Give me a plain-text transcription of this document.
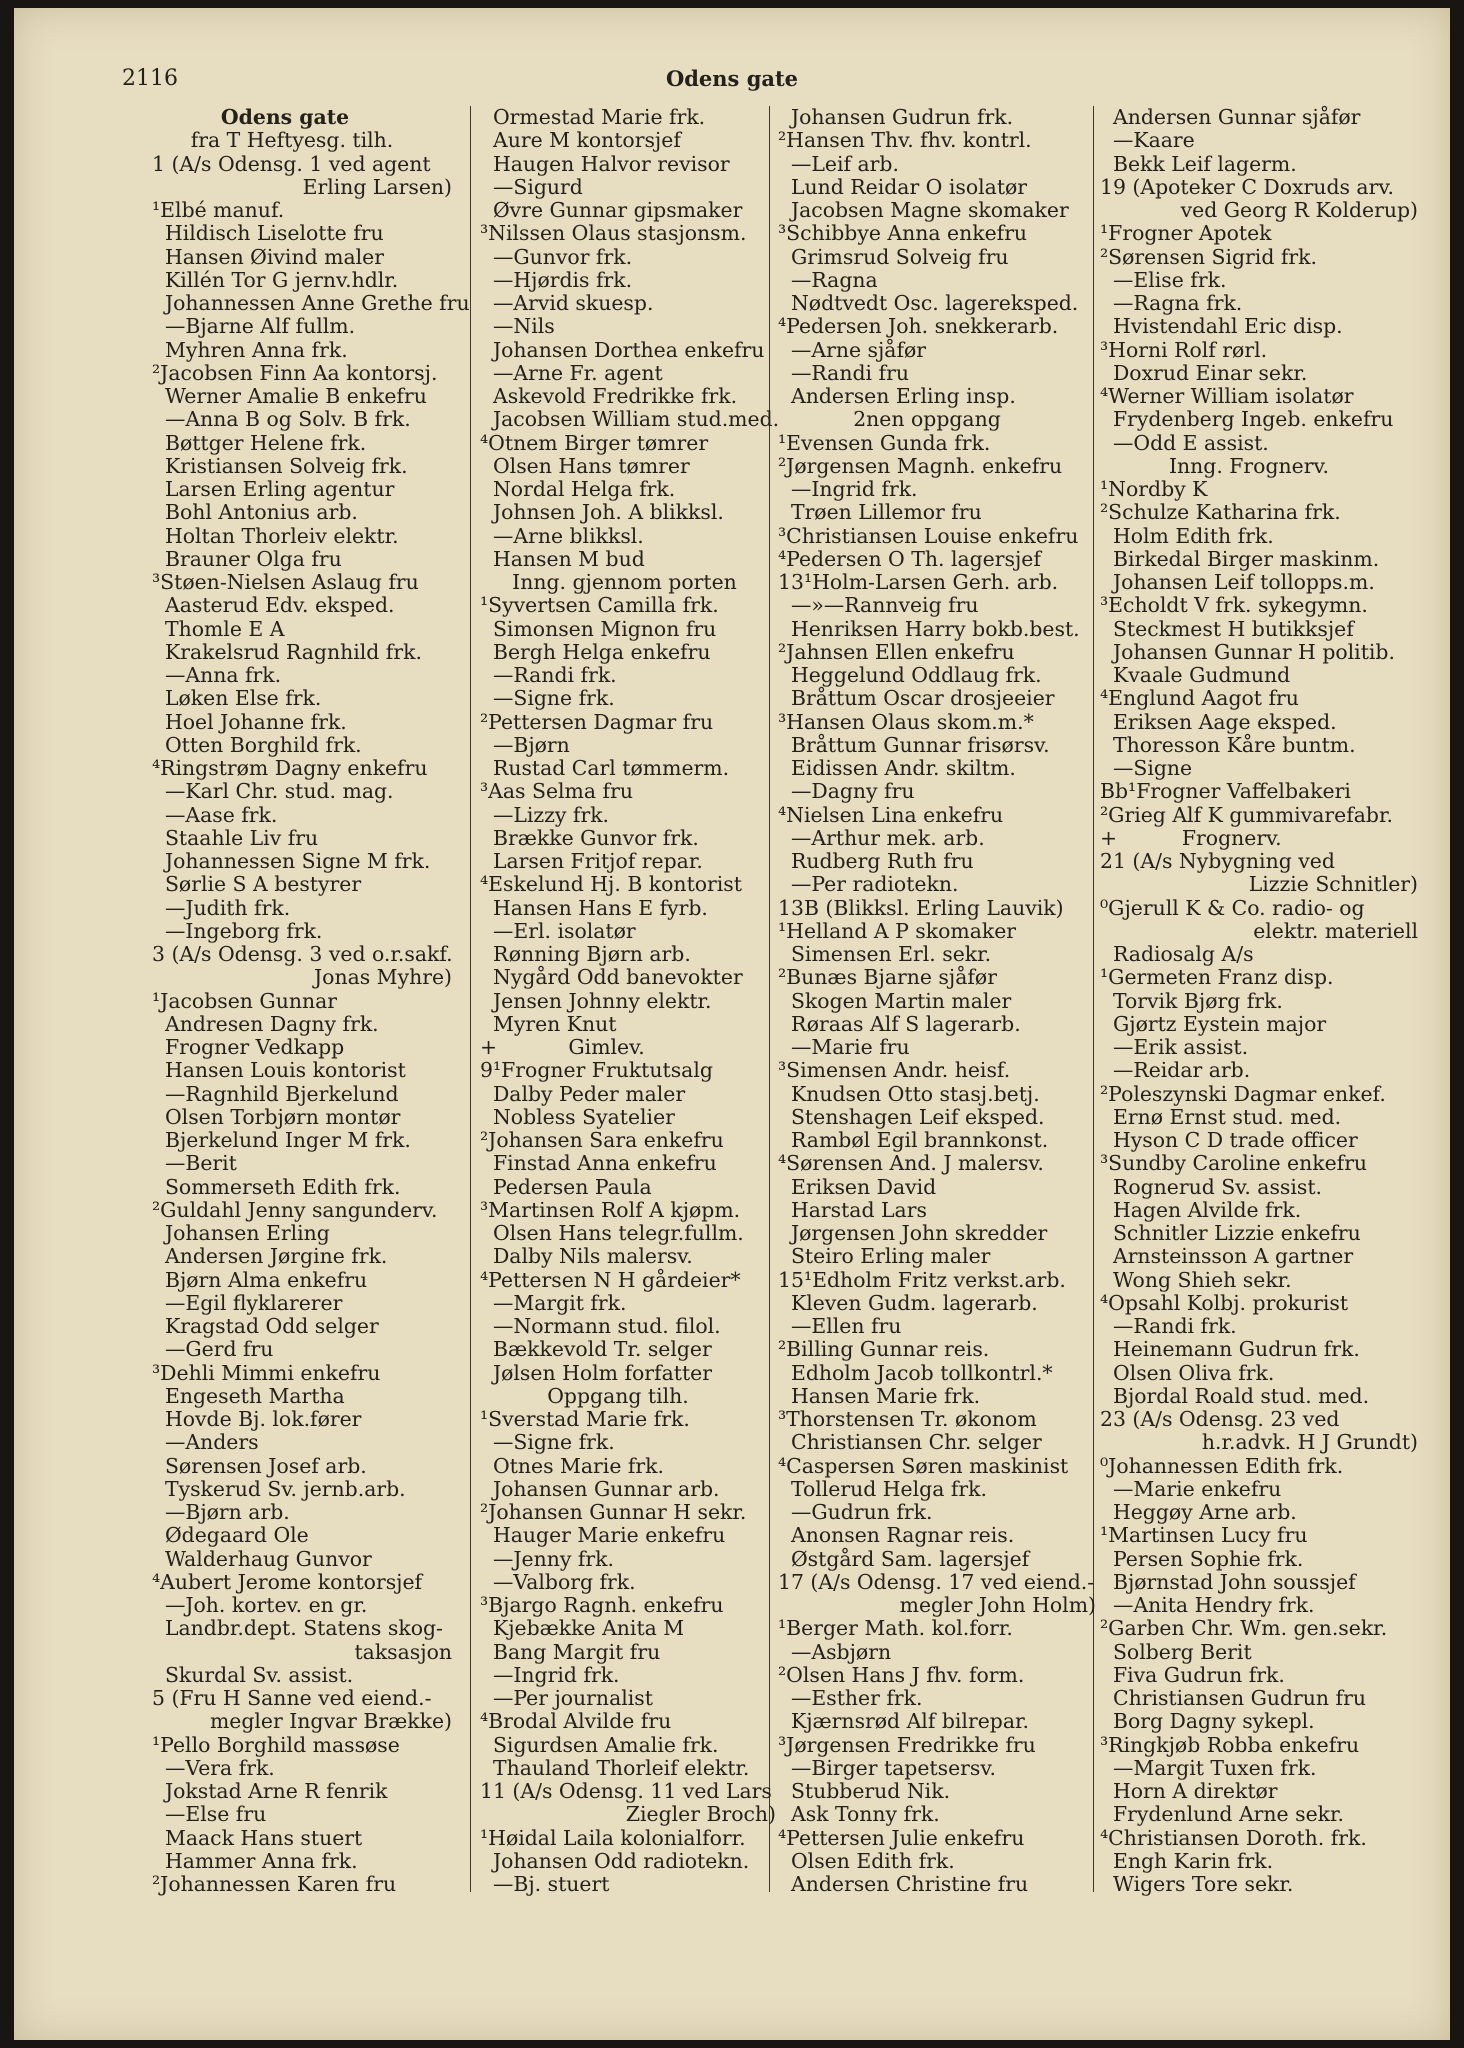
2116	Odens gate
Odens gate
fra T Heftyesg. tilh.
1 (A/s Odensg. 1 ved agent
Erling Larsen)
¹Elbé manuf.
Hildisch Liselotte fru
Hansen Øivind maler
Killén Tor G jernv.hdlr.
Johannessen Anne Grethe fru
—Bjarne Alf fullm.
Myhren Anna frk.
²Jacobsen Finn Aa kontorsj.
Werner Amalie B enkefru
—Anna B og Solv. B frk.
Bøttger Helene frk.
Kristiansen Solveig frk.
Larsen Erling agentur
Bohl Antonius arb.
Holtan Thorleiv elektr.
Brauner Olga fru
³Støen-Nielsen Aslaug fru
Aasterud Edv. eksped.
Thomle E A
Krakelsrud Ragnhild frk.
—Anna frk.
Løken Else frk.
Hoel Johanne frk.
Otten Borghild frk.
⁴Ringstrøm Dagny enkefru
—Karl Chr. stud. mag.
—Aase frk.
Staahle Liv fru
Johannessen Signe M frk.
Sørlie S A bestyrer
—Judith frk.
—Ingeborg frk.
3 (A/s Odensg. 3 ved o.r.sakf.
Jonas Myhre)
¹Jacobsen Gunnar
Andresen Dagny frk.
Frogner Vedkapp
Hansen Louis kontorist
—Ragnhild Bjerkelund
Olsen Torbjørn montør
Bjerkelund Inger M frk.
—Berit
Sommerseth Edith frk.
²Guldahl Jenny sangunderv.
Johansen Erling
Andersen Jørgine frk.
Bjørn Alma enkefru
—Egil flyklarerer
Kragstad Odd selger
—Gerd fru
³Dehli Mimmi enkefru
Engeseth Martha
Hovde Bj. lok.fører
—Anders
Sørensen Josef arb.
Tyskerud Sv. jernb.arb.
—Bjørn arb.
Ødegaard Ole
Walderhaug Gunvor
⁴Aubert Jerome kontorsjef
—Joh. kortev. en gr.
Landbr.dept. Statens skog-
taksasjon
Skurdal Sv. assist.
5 (Fru H Sanne ved eiend.-
megler Ingvar Brække)
¹Pello Borghild massøse
—Vera frk.
Jokstad Arne R fenrik
—Else fru
Maack Hans stuert
Hammer Anna frk.
²Johannessen Karen fru
Ormestad Marie frk.
Aure M kontorsjef
Haugen Halvor revisor
—Sigurd
Øvre Gunnar gipsmaker
³Nilssen Olaus stasjonsm.
—Gunvor frk.
—Hjørdis frk.
—Arvid skuesp.
—Nils
Johansen Dorthea enkefru
—Arne Fr. agent
Askevold Fredrikke frk.
Jacobsen William stud.med.
⁴Otnem Birger tømrer
Olsen Hans tømrer
Nordal Helga frk.
Johnsen Joh. A blikksl.
—Arne blikksl.
Hansen M bud
Inng. gjennom porten
¹Syvertsen Camilla frk.
Simonsen Mignon fru
Bergh Helga enkefru
—Randi frk.
—Signe frk.
²Pettersen Dagmar fru
—Bjørn
Rustad Carl tømmerm.
³Aas Selma fru
—Lizzy frk.
Brække Gunvor frk.
Larsen Fritjof repar.
⁴Eskelund Hj. B kontorist
Hansen Hans E fyrb.
—Erl. isolatør
Rønning Bjørn arb.
Nygård Odd banevokter
Jensen Johnny elektr.
Myren Knut
+           Gimlev.
9¹Frogner Fruktutsalg
Dalby Peder maler
Nobless Syatelier
²Johansen Sara enkefru
Finstad Anna enkefru
Pedersen Paula
³Martinsen Rolf A kjøpm.
Olsen Hans telegr.fullm.
Dalby Nils malersv.
⁴Pettersen N H gårdeier*
—Margit frk.
—Normann stud. filol.
Bækkevold Tr. selger
Jølsen Holm forfatter
Oppgang tilh.
¹Sverstad Marie frk.
—Signe frk.
Otnes Marie frk.
Johansen Gunnar arb.
²Johansen Gunnar H sekr.
Hauger Marie enkefru
—Jenny frk.
—Valborg frk.
³Bjargo Ragnh. enkefru
Kjebække Anita M
Bang Margit fru
—Ingrid frk.
—Per journalist
⁴Brodal Alvilde fru
Sigurdsen Amalie frk.
Thauland Thorleif elektr.
11 (A/s Odensg. 11 ved Lars
Ziegler Broch)
¹Høidal Laila kolonialforr.
Johansen Odd radiotekn.
—Bj. stuert
Johansen Gudrun frk.
²Hansen Thv. fhv. kontrl.
—Leif arb.
Lund Reidar O isolatør
Jacobsen Magne skomaker
³Schibbye Anna enkefru
Grimsrud Solveig fru
—Ragna
Nødtvedt Osc. lagereksped.
⁴Pedersen Joh. snekkerarb.
—Arne sjåfør
—Randi fru
Andersen Erling insp.
2nen oppgang
¹Evensen Gunda frk.
²Jørgensen Magnh. enkefru
—Ingrid frk.
Trøen Lillemor fru
³Christiansen Louise enkefru
⁴Pedersen O Th. lagersjef
13¹Holm-Larsen Gerh. arb.
—»—Rannveig fru
Henriksen Harry bokb.best.
²Jahnsen Ellen enkefru
Heggelund Oddlaug frk.
Bråttum Oscar drosjeeier
³Hansen Olaus skom.m.*
Bråttum Gunnar frisørsv.
Eidissen Andr. skiltm.
—Dagny fru
⁴Nielsen Lina enkefru
—Arthur mek. arb.
Rudberg Ruth fru
—Per radiotekn.
13B (Blikksl. Erling Lauvik)
¹Helland A P skomaker
Simensen Erl. sekr.
²Bunæs Bjarne sjåfør
Skogen Martin maler
Røraas Alf S lagerarb.
—Marie fru
³Simensen Andr. heisf.
Knudsen Otto stasj.betj.
Stenshagen Leif eksped.
Rambøl Egil brannkonst.
⁴Sørensen And. J malersv.
Eriksen David
Harstad Lars
Jørgensen John skredder
Steiro Erling maler
15¹Edholm Fritz verkst.arb.
Kleven Gudm. lagerarb.
—Ellen fru
²Billing Gunnar reis.
Edholm Jacob tollkontrl.*
Hansen Marie frk.
³Thorstensen Tr. økonom
Christiansen Chr. selger
⁴Caspersen Søren maskinist
Tollerud Helga frk.
—Gudrun frk.
Anonsen Ragnar reis.
Østgård Sam. lagersjef
17 (A/s Odensg. 17 ved eiend.-
megler John Holm)
¹Berger Math. kol.forr.
—Asbjørn
²Olsen Hans J fhv. form.
—Esther frk.
Kjærnsrød Alf bilrepar.
³Jørgensen Fredrikke fru
—Birger tapetsersv.
Stubberud Nik.
Ask Tonny frk.
⁴Pettersen Julie enkefru
Olsen Edith frk.
Andersen Christine fru
Andersen Gunnar sjåfør
—Kaare
Bekk Leif lagerm.
19 (Apoteker C Doxruds arv.
ved Georg R Kolderup)
¹Frogner Apotek
²Sørensen Sigrid frk.
—Elise frk.
—Ragna frk.
Hvistendahl Eric disp.
³Horni Rolf rørl.
Doxrud Einar sekr.
⁴Werner William isolatør
Frydenberg Ingeb. enkefru
—Odd E assist.
Inng. Frognerv.
¹Nordby K
²Schulze Katharina frk.
Holm Edith frk.
Birkedal Birger maskinm.
Johansen Leif tollopps.m.
³Echoldt V frk. sykegymn.
Steckmest H butikksjef
Johansen Gunnar H politib.
Kvaale Gudmund
⁴Englund Aagot fru
Eriksen Aage eksped.
Thoresson Kåre buntm.
—Signe
Bb¹Frogner Vaffelbakeri
²Grieg Alf K gummivarefabr.
+          Frognerv.
21 (A/s Nybygning ved
Lizzie Schnitler)
⁰Gjerull K & Co. radio- og
elektr. materiell
Radiosalg A/s
¹Germeten Franz disp.
Torvik Bjørg frk.
Gjørtz Eystein major
—Erik assist.
—Reidar arb.
²Poleszynski Dagmar enkef.
Ernø Ernst stud. med.
Hyson C D trade officer
³Sundby Caroline enkefru
Rognerud Sv. assist.
Hagen Alvilde frk.
Schnitler Lizzie enkefru
Arnsteinsson A gartner
Wong Shieh sekr.
⁴Opsahl Kolbj. prokurist
—Randi frk.
Heinemann Gudrun frk.
Olsen Oliva frk.
Bjordal Roald stud. med.
23 (A/s Odensg. 23 ved
h.r.advk. H J Grundt)
⁰Johannessen Edith frk.
—Marie enkefru
Heggøy Arne arb.
¹Martinsen Lucy fru
Persen Sophie frk.
Bjørnstad John soussjef
—Anita Hendry frk.
²Garben Chr. Wm. gen.sekr.
Solberg Berit
Fiva Gudrun frk.
Christiansen Gudrun fru
Borg Dagny sykepl.
³Ringkjøb Robba enkefru
—Margit Tuxen frk.
Horn A direktør
Frydenlund Arne sekr.
⁴Christiansen Doroth. frk.
Engh Karin frk.
Wigers Tore sekr.
